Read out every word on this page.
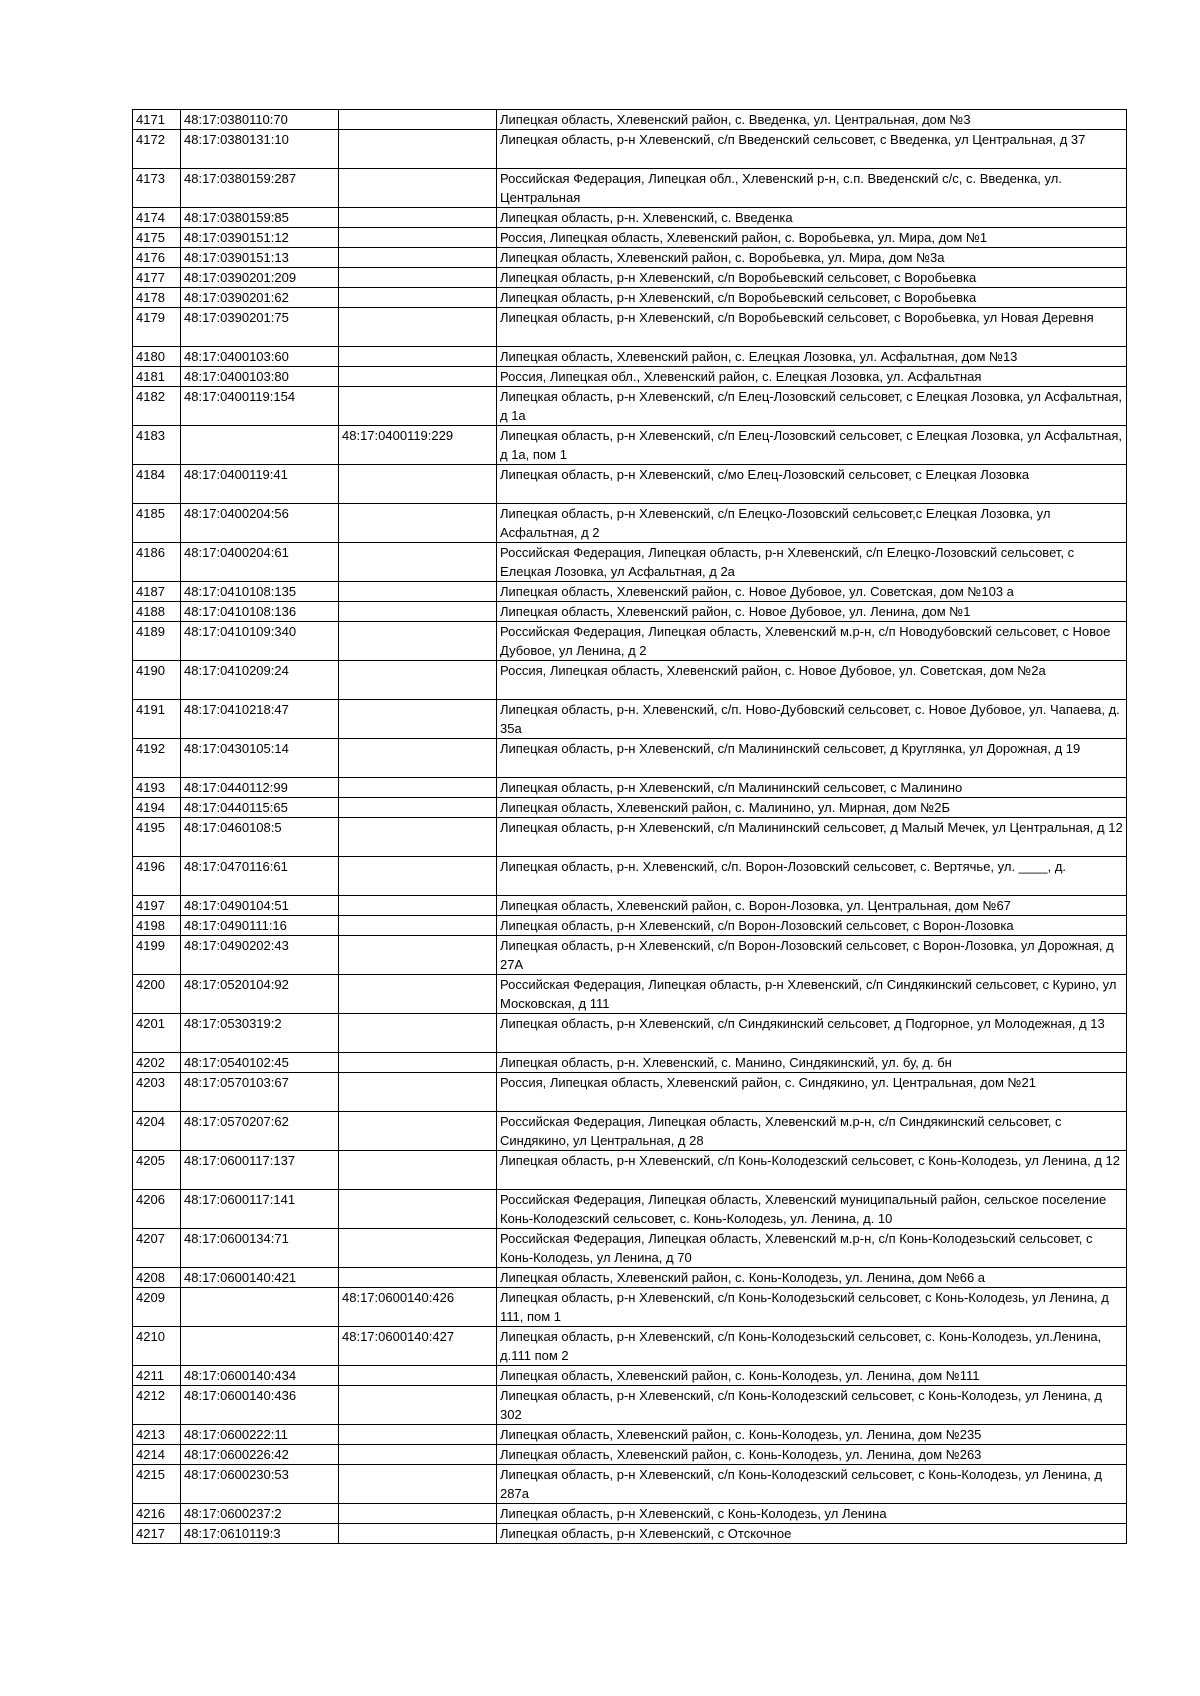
4171	48:17:0380110:70		Липецкая область, Хлевенский район, с. Введенка, ул. Центральная, дом №3
4172	48:17:0380131:10		Липецкая область, р-н Хлевенский, с/п Введенский сельсовет, с Введенка, ул Центральная, д 37
4173	48:17:0380159:287		Российская Федерация, Липецкая обл., Хлевенский р-н, с.п. Введенский с/с, с. Введенка, ул. Центральная
4174	48:17:0380159:85		Липецкая область, р-н. Хлевенский, с. Введенка
4175	48:17:0390151:12		Россия, Липецкая область, Хлевенский район, с. Воробьевка, ул. Мира, дом №1
4176	48:17:0390151:13		Липецкая область, Хлевенский район, с. Воробьевка, ул. Мира, дом №3а
4177	48:17:0390201:209		Липецкая область, р-н Хлевенский, с/п Воробьевский сельсовет, с Воробьевка
4178	48:17:0390201:62		Липецкая область, р-н Хлевенский, с/п Воробьевский сельсовет, с Воробьевка
4179	48:17:0390201:75		Липецкая область, р-н Хлевенский, с/п Воробьевский сельсовет, с Воробьевка, ул Новая Деревня
4180	48:17:0400103:60		Липецкая область, Хлевенский район, с. Елецкая Лозовка, ул. Асфальтная, дом №13
4181	48:17:0400103:80		Россия, Липецкая обл., Хлевенский район, с. Елецкая Лозовка, ул. Асфальтная
4182	48:17:0400119:154		Липецкая область, р-н Хлевенский, с/п Елец-Лозовский сельсовет, с Елецкая Лозовка, ул Асфальтная, д 1а
4183		48:17:0400119:229	Липецкая область, р-н Хлевенский, с/п Елец-Лозовский сельсовет, с Елецкая Лозовка, ул Асфальтная, д 1а, пом 1
4184	48:17:0400119:41		Липецкая область, р-н Хлевенский, с/мо Елец-Лозовский сельсовет, с Елецкая Лозовка
4185	48:17:0400204:56		Липецкая область, р-н Хлевенский, с/п Елецко-Лозовский сельсовет,с Елецкая Лозовка, ул Асфальтная, д 2
4186	48:17:0400204:61		Российская Федерация, Липецкая область, р-н Хлевенский, с/п Елецко-Лозовский сельсовет, с Елецкая Лозовка, ул Асфальтная, д 2а
4187	48:17:0410108:135		Липецкая область, Хлевенский район, с. Новое Дубовое, ул. Советская, дом №103 а
4188	48:17:0410108:136		Липецкая область, Хлевенский район, с. Новое Дубовое, ул. Ленина, дом №1
4189	48:17:0410109:340		Российская Федерация, Липецкая область, Хлевенский м.р-н, с/п Новодубовский сельсовет, с Новое Дубовое, ул Ленина, д 2
4190	48:17:0410209:24		Россия, Липецкая область, Хлевенский район, с. Новое Дубовое, ул. Советская, дом №2а
4191	48:17:0410218:47		Липецкая область, р-н. Хлевенский, с/п. Ново-Дубовский сельсовет, с. Новое Дубовое, ул. Чапаева, д. 35а
4192	48:17:0430105:14		Липецкая область, р-н Хлевенский, с/п Малининский сельсовет, д Круглянка, ул Дорожная, д 19
4193	48:17:0440112:99		Липецкая область, р-н Хлевенский, с/п Малининский сельсовет, с Малинино
4194	48:17:0440115:65		Липецкая область, Хлевенский район, с. Малинино, ул. Мирная, дом №2Б
4195	48:17:0460108:5		Липецкая область, р-н Хлевенский, с/п Малининский сельсовет, д Малый Мечек, ул Центральная, д 12
4196	48:17:0470116:61		Липецкая область, р-н. Хлевенский, с/п. Ворон-Лозовский сельсовет, с. Вертячье, ул. ____, д.
4197	48:17:0490104:51		Липецкая область, Хлевенский район, с. Ворон-Лозовка, ул. Центральная, дом №67
4198	48:17:0490111:16		Липецкая область, р-н Хлевенский, с/п Ворон-Лозовский сельсовет, с Ворон-Лозовка
4199	48:17:0490202:43		Липецкая область, р-н Хлевенский, с/п Ворон-Лозовский сельсовет, с Ворон-Лозовка, ул Дорожная, д 27А
4200	48:17:0520104:92		Российская Федерация, Липецкая область, р-н Хлевенский, с/п Синдякинский сельсовет, с Курино, ул Московская, д 111
4201	48:17:0530319:2		Липецкая область, р-н Хлевенский, с/п Синдякинский сельсовет, д Подгорное, ул Молодежная, д 13
4202	48:17:0540102:45		Липецкая область, р-н. Хлевенский, с. Манино, Синдякинский, ул. бу, д. бн
4203	48:17:0570103:67		Россия, Липецкая область, Хлевенский район, с. Синдякино, ул. Центральная, дом №21
4204	48:17:0570207:62		Российская Федерация, Липецкая область, Хлевенский м.р-н, с/п Синдякинский сельсовет, с Синдякино, ул Центральная, д 28
4205	48:17:0600117:137		Липецкая область, р-н Хлевенский, с/п Конь-Колодезский сельсовет, с Конь-Колодезь, ул Ленина, д 12
4206	48:17:0600117:141		Российская Федерация, Липецкая область, Хлевенский муниципальный район, сельское поселение Конь-Колодезский сельсовет, с. Конь-Колодезь, ул. Ленина, д. 10
4207	48:17:0600134:71		Российская Федерация, Липецкая область, Хлевенский м.р-н, с/п Конь-Колодезьский сельсовет, с Конь-Колодезь, ул Ленина, д 70
4208	48:17:0600140:421		Липецкая область, Хлевенский район, с. Конь-Колодезь, ул. Ленина, дом №66 а
4209		48:17:0600140:426	Липецкая область, р-н Хлевенский, с/п Конь-Колодезьский сельсовет, с Конь-Колодезь, ул Ленина, д 111, пом 1
4210		48:17:0600140:427	Липецкая область, р-н Хлевенский, с/п Конь-Колодезьский сельсовет, с. Конь-Колодезь, ул.Ленина, д.111 пом 2
4211	48:17:0600140:434		Липецкая область, Хлевенский район, с. Конь-Колодезь, ул. Ленина, дом №111
4212	48:17:0600140:436		Липецкая область, р-н Хлевенский, с/п Конь-Колодезский сельсовет, с Конь-Колодезь, ул Ленина, д 302
4213	48:17:0600222:11		Липецкая область, Хлевенский район, с. Конь-Колодезь, ул. Ленина, дом №235
4214	48:17:0600226:42		Липецкая область, Хлевенский район, с. Конь-Колодезь, ул. Ленина, дом №263
4215	48:17:0600230:53		Липецкая область, р-н Хлевенский, с/п Конь-Колодезский сельсовет, с Конь-Колодезь, ул Ленина, д 287а
4216	48:17:0600237:2		Липецкая область, р-н Хлевенский, с Конь-Колодезь, ул Ленина
4217	48:17:0610119:3		Липецкая область, р-н Хлевенский, с Отскочное
